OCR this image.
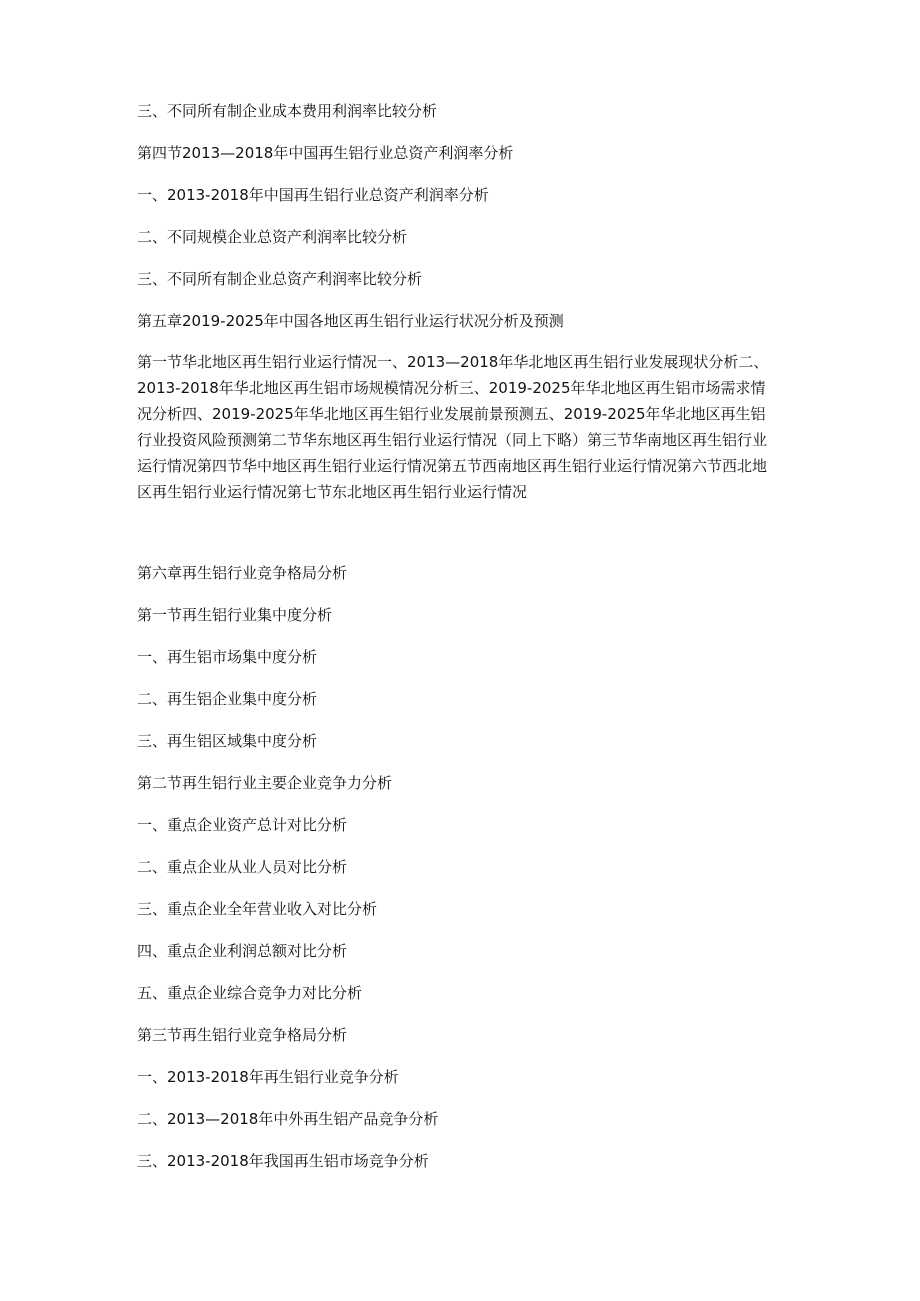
三、不同所有制企业成本费用利润率比较分析
第四节2013—2018年中国再生铝行业总资产利润率分析
一、2013-2018年中国再生铝行业总资产利润率分析
二、不同规模企业总资产利润率比较分析
三、不同所有制企业总资产利润率比较分析
第五章2019-2025年中国各地区再生铝行业运行状况分析及预测
第一节华北地区再生铝行业运行情况一、2013—2018年华北地区再生铝行业发展现状分析二、2013-2018年华北地区再生铝市场规模情况分析三、2019-2025年华北地区再生铝市场需求情况分析四、2019-2025年华北地区再生铝行业发展前景预测五、2019-2025年华北地区再生铝行业投资风险预测第二节华东地区再生铝行业运行情况（同上下略）第三节华南地区再生铝行业运行情况第四节华中地区再生铝行业运行情况第五节西南地区再生铝行业运行情况第六节西北地区再生铝行业运行情况第七节东北地区再生铝行业运行情况
第六章再生铝行业竞争格局分析
第一节再生铝行业集中度分析
一、再生铝市场集中度分析
二、再生铝企业集中度分析
三、再生铝区域集中度分析
第二节再生铝行业主要企业竞争力分析
一、重点企业资产总计对比分析
二、重点企业从业人员对比分析
三、重点企业全年营业收入对比分析
四、重点企业利润总额对比分析
五、重点企业综合竞争力对比分析
第三节再生铝行业竞争格局分析
一、2013-2018年再生铝行业竞争分析
二、2013—2018年中外再生铝产品竞争分析
三、2013-2018年我国再生铝市场竞争分析
